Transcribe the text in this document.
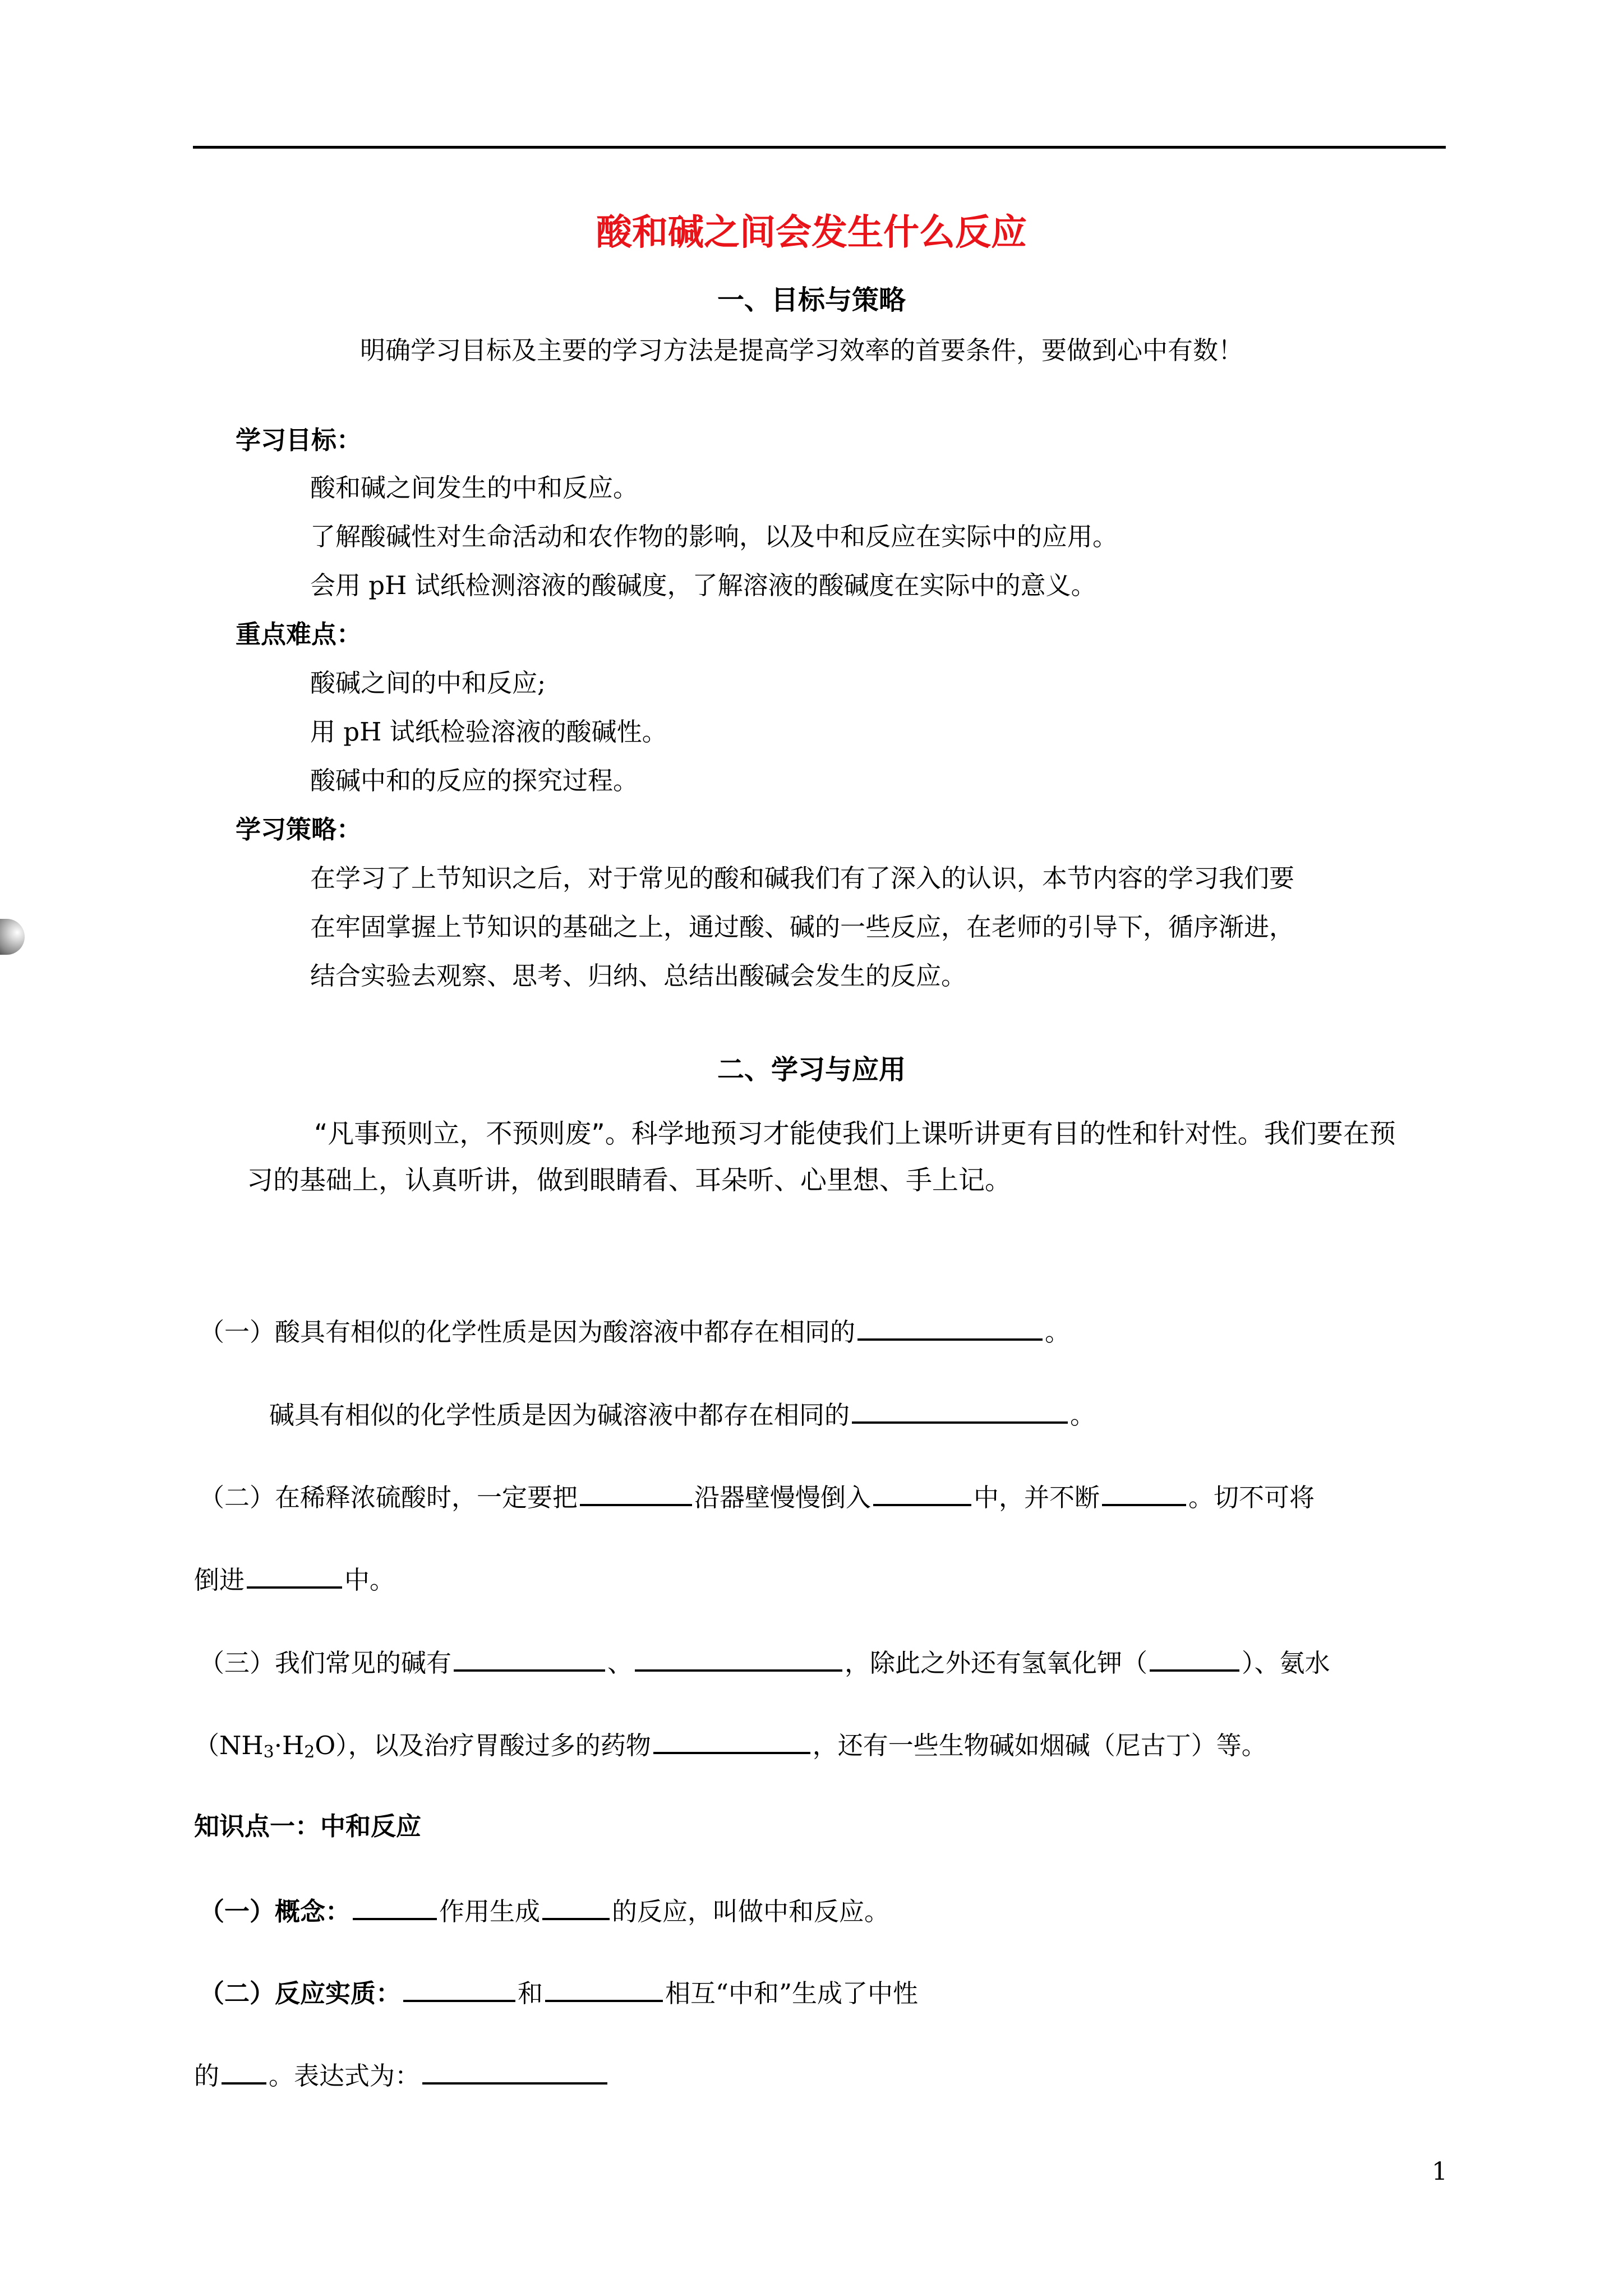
酸和碱之间会发生什么反应
一、目标与策略
明确学习目标及主要的学习方法是提高学习效率的首要条件，要做到心中有数！
学习目标：
酸和碱之间发生的中和反应。
了解酸碱性对生命活动和农作物的影响，以及中和反应在实际中的应用。
会用 pH 试纸检测溶液的酸碱度，了解溶液的酸碱度在实际中的意义。
重点难点：
酸碱之间的中和反应;
用 pH 试纸检验溶液的酸碱性。
酸碱中和的反应的探究过程。
学习策略：
在学习了上节知识之后，对于常见的酸和碱我们有了深入的认识，本节内容的学习我们要
在牢固掌握上节知识的基础之上，通过酸、碱的一些反应，在老师的引导下，循序渐进，
结合实验去观察、思考、归纳、总结出酸碱会发生的反应。
二、学习与应用
“凡事预则立，不预则废”。科学地预习才能使我们上课听讲更有目的性和针对性。我们要在预
习的基础上，认真听讲，做到眼睛看、耳朵听、心里想、手上记。
（一）酸具有相似的化学性质是因为酸溶液中都存在相同的	。
碱具有相似的化学性质是因为碱溶液中都存在相同的	。
（二）在稀释浓硫酸时，一定要把	沿器壁慢慢倒入	中，并不断	。切不可将
倒进	中。
（三）我们常见的碱有	、	，除此之外还有氢氧化钾（	）、氨水
$(NH_3\cdot H_2O)$，以及治疗胃酸过多的药物	，还有一些生物碱如烟碱（尼古丁）等。
知识点一：中和反应
（一）概念：	作用生成	的反应，叫做中和反应。
（二）反应实质：	和	相互“中和”生成了中性
的 。表达式为：
1
